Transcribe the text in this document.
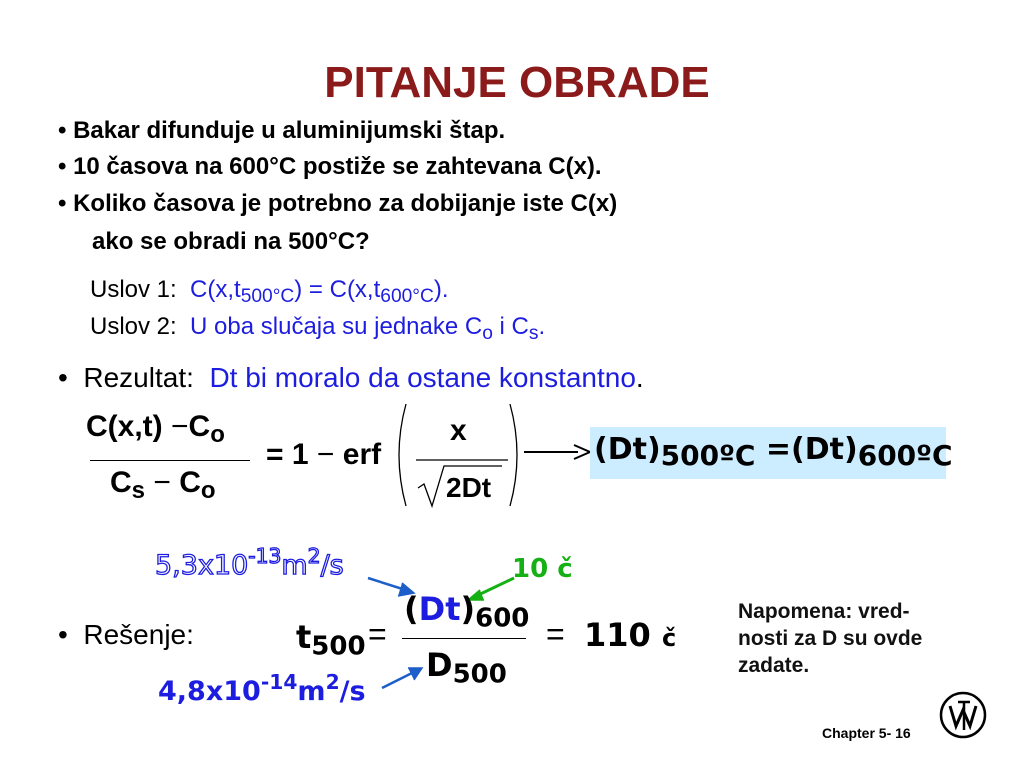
PITANJE OBRADE
• Bakar difunduje u aluminijumski štap.
• 10 časova na 600°C postiže se zahtevana C(x).
• Koliko časova je potrebno za dobijanje iste C(x)
ako se obradi na 500°C?
Uslov 1: $C(x,t_{500^\circ C}) = C(x,t_{600^\circ C})$.
Uslov 2: U oba slučaja su jednake $C_o$ i $C_s$.
• Rezultat: Dt bi moralo da ostane konstantno.
$C(x,t) -C_o$
$C_s - C_o$
= 1 − erf
x
2Dt
(Dt)500ºC =(Dt)600ºC
$5,3x10^{-13}m^2/s$	10 č
$4,8x10^{-14}m^2/s$
• Rešenje:	$t_{500}$ =
$(Dt)_{600}$
$D_{500}$
= 110 č
Napomena: vred-
nosti za D su ovde
zadate.
Chapter 5- 16
